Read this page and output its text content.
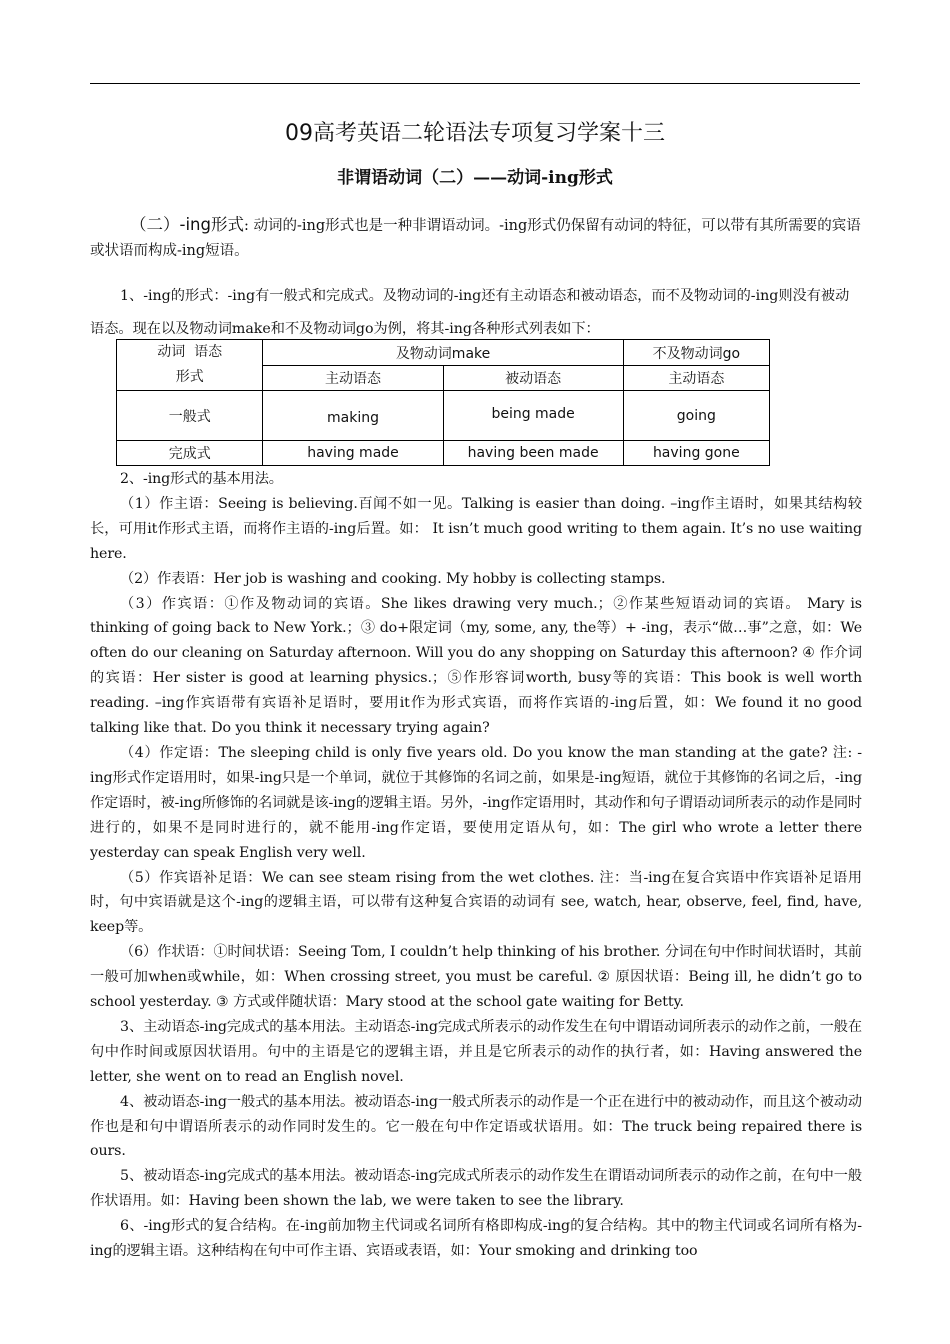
09高考英语二轮语法专项复习学案十三
非谓语动词（二）——动词-ing形式
（二）-ing形式: 动词的-ing形式也是一种非谓语动词。-ing形式仍保留有动词的特征，可以带有其所需要的宾语或状语而构成-ing短语。
1、-ing的形式：-ing有一般式和完成式。及物动词的-ing还有主动语态和被动语态，而不及物动词的-ing则没有被动语态。现在以及物动词make和不及物动词go为例，将其-ing各种形式列表如下：
动词  语态
形式	及物动词make		不及物动词go
	主动语态	被动语态	主动语态
一般式	making	being made	going
完成式	having made	having been made	having gone

2、-ing形式的基本用法。

（1）作主语：Seeing is believing.百闻不如一见。Talking is easier than doing. –ing作主语时，如果其结构较长，可用it作形式主语，而将作主语的-ing后置。如： It isn’t much good writing to them again. It’s no use waiting here.

（2）作表语：Her job is washing and cooking. My hobby is collecting stamps.

（3）作宾语：①作及物动词的宾语。She likes drawing very much.；②作某些短语动词的宾语。 Mary is thinking of going back to New York.；③ do+限定词（my, some, any, the等）+ -ing，表示“做…事”之意，如：We often do our cleaning on Saturday afternoon. Will you do any shopping on Saturday this afternoon? ④ 作介词的宾语：Her sister is good at learning physics.；⑤作形容词worth, busy等的宾语：This book is well worth reading. –ing作宾语带有宾语补足语时，要用it作为形式宾语，而将作宾语的-ing后置，如：We found it no good talking like that. Do you think it necessary trying again?

（4）作定语：The sleeping child is only five years old. Do you know the man standing at the gate? 注: -ing形式作定语用时，如果-ing只是一个单词，就位于其修饰的名词之前，如果是-ing短语，就位于其修饰的名词之后，-ing作定语时，被-ing所修饰的名词就是该-ing的逻辑主语。另外，-ing作定语用时，其动作和句子谓语动词所表示的动作是同时进行的，如果不是同时进行的，就不能用-ing作定语，要使用定语从句，如：The girl who wrote a letter there yesterday can speak English very well.

（5）作宾语补足语：We can see steam rising from the wet clothes. 注：当-ing在复合宾语中作宾语补足语用时，句中宾语就是这个-ing的逻辑主语，可以带有这种复合宾语的动词有 see, watch, hear, observe, feel, find, have, keep等。

（6）作状语：①时间状语：Seeing Tom, I couldn’t help thinking of his brother. 分词在句中作时间状语时，其前一般可加when或while，如：When crossing street, you must be careful. ② 原因状语：Being ill, he didn’t go to school yesterday. ③ 方式或伴随状语：Mary stood at the school gate waiting for Betty.

3、主动语态-ing完成式的基本用法。主动语态-ing完成式所表示的动作发生在句中谓语动词所表示的动作之前，一般在句中作时间或原因状语用。句中的主语是它的逻辑主语，并且是它所表示的动作的执行者，如：Having answered the letter, she went on to read an English novel.

4、被动语态-ing一般式的基本用法。被动语态-ing一般式所表示的动作是一个正在进行中的被动动作，而且这个被动动作也是和句中谓语所表示的动作同时发生的。它一般在句中作定语或状语用。如：The truck being repaired there is ours.

5、被动语态-ing完成式的基本用法。被动语态-ing完成式所表示的动作发生在谓语动词所表示的动作之前，在句中一般作状语用。如：Having been shown the lab, we were taken to see the library.

6、-ing形式的复合结构。在-ing前加物主代词或名词所有格即构成-ing的复合结构。其中的物主代词或名词所有格为-ing的逻辑主语。这种结构在句中可作主语、宾语或表语，如：Your smoking and drinking too
